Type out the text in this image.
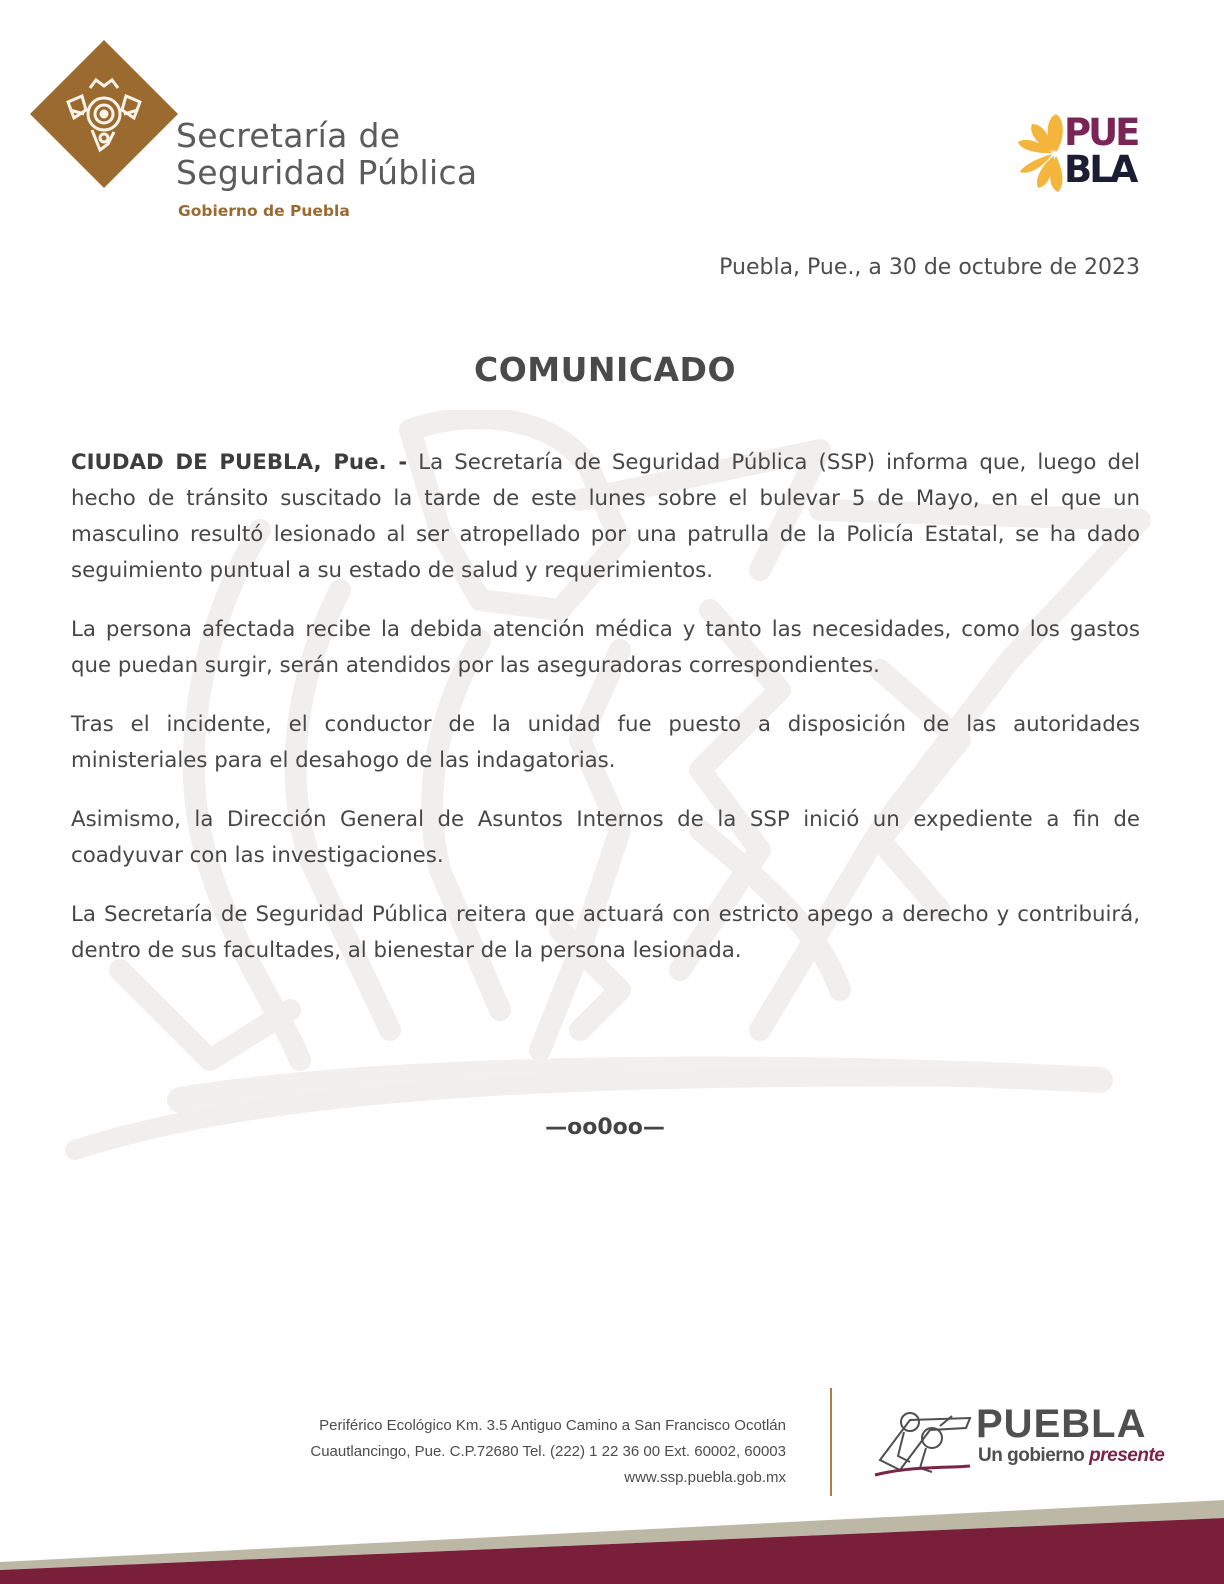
Secretaría de
Seguridad Pública
Gobierno de Puebla
PUE
BLA
Puebla, Pue., a 30 de octubre de 2023
COMUNICADO

CIUDAD DE PUEBLA, Pue. - La Secretaría de Seguridad Pública (SSP) informa que, luego del hecho de tránsito suscitado la tarde de este lunes sobre el bulevar 5 de Mayo, en el que un masculino resultó lesionado al ser atropellado por una patrulla de la Policía Estatal, se ha dado seguimiento puntual a su estado de salud y requerimientos.

La persona afectada recibe la debida atención médica y tanto las necesidades, como los gastos que puedan surgir, serán atendidos por las aseguradoras correspondientes.

Tras el incidente, el conductor de la unidad fue puesto a disposición de las autoridades ministeriales para el desahogo de las indagatorias.

Asimismo, la Dirección General de Asuntos Internos de la SSP inició un expediente a fin de coadyuvar con las investigaciones.

La Secretaría de Seguridad Pública reitera que actuará con estricto apego a derecho y contribuirá, dentro de sus facultades, al bienestar de la persona lesionada.

—oo0oo—
Periférico Ecológico Km. 3.5 Antiguo Camino a San Francisco Ocotlán
Cuautlancingo, Pue. C.P.72680 Tel. (222) 1 22 36 00 Ext. 60002, 60003
www.ssp.puebla.gob.mx
PUEBLA
Un gobierno presente
